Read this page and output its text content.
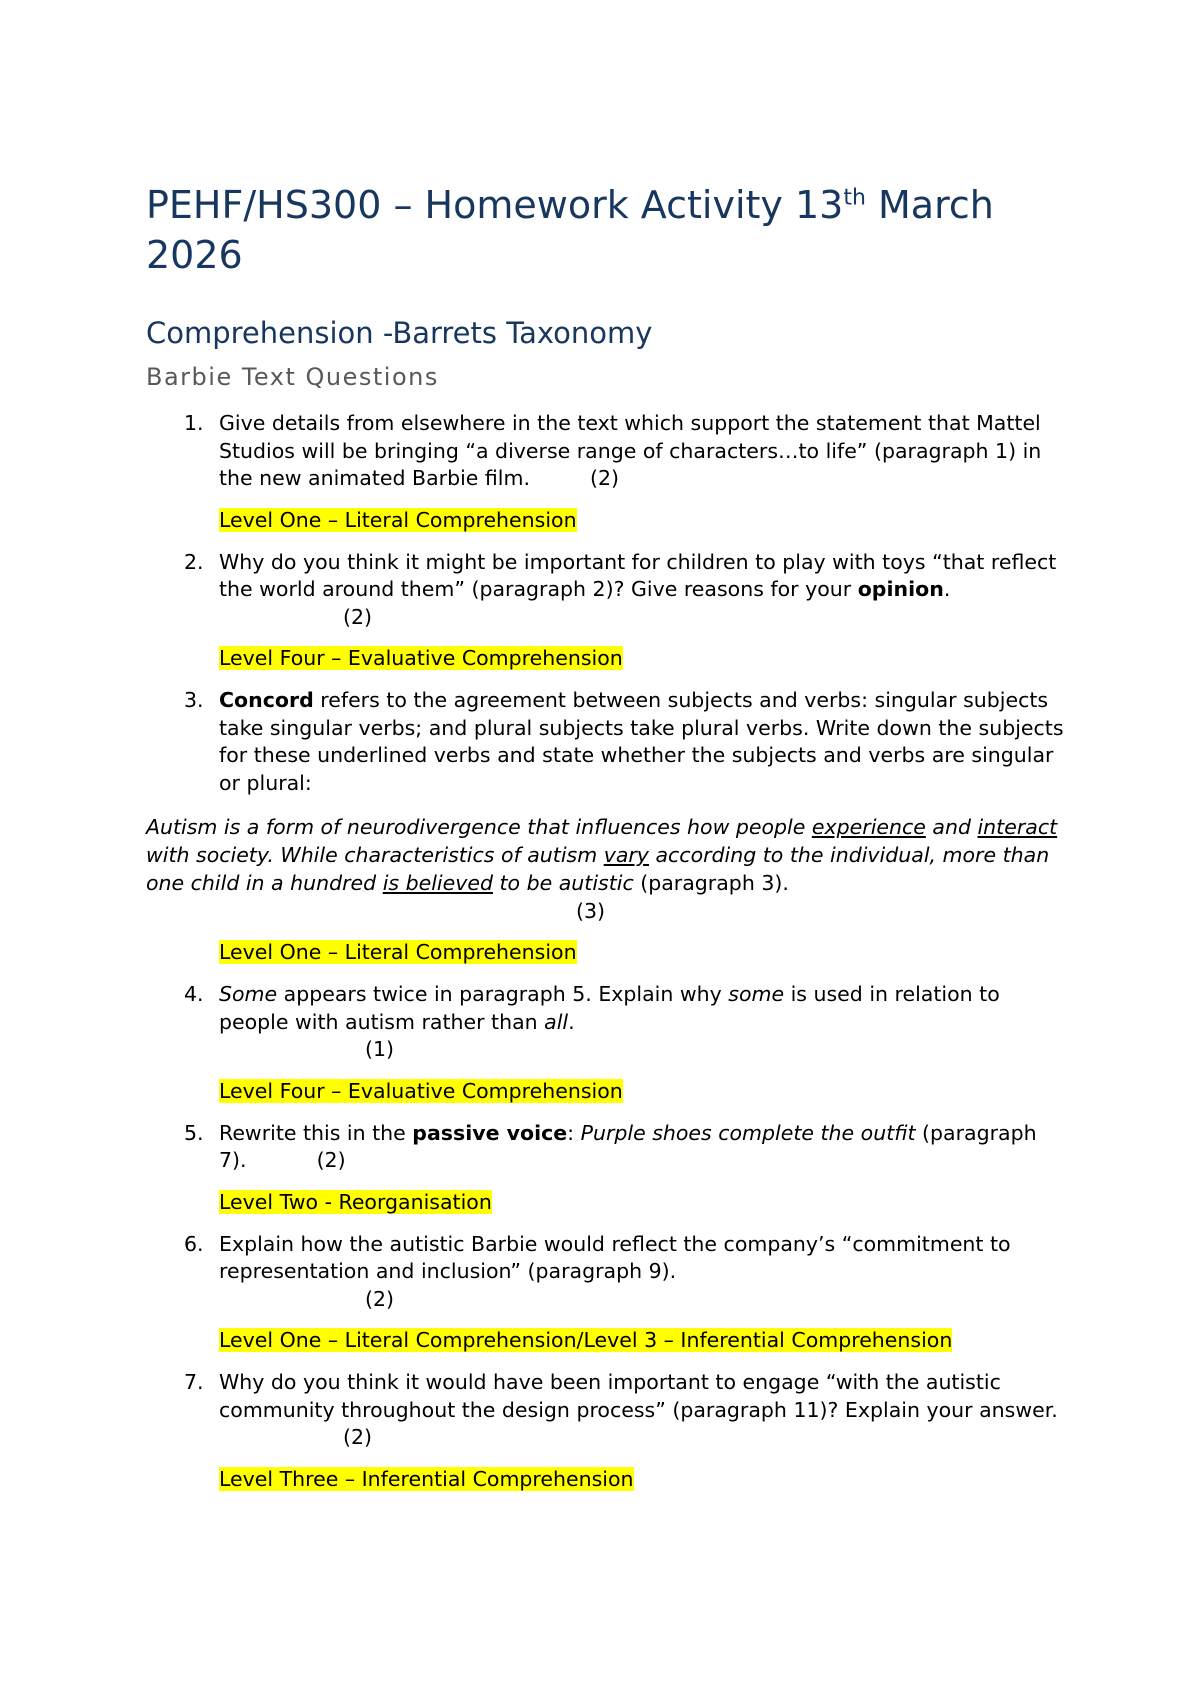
PEHF/HS300 – Homework Activity 13th March 2026
Comprehension -Barrets Taxonomy
Barbie Text Questions
1. Give details from elsewhere in the text which support the statement that Mattel Studios will be bringing “a diverse range of characters…to life” (paragraph 1) in the new animated Barbie film.	(2)

Level One – Literal Comprehension
2. Why do you think it might be important for children to play with toys “that reflect the world around them” (paragraph 2)? Give reasons for your opinion.(2)

Level Four – Evaluative Comprehension
3. Concord refers to the agreement between subjects and verbs: singular subjects take singular verbs; and plural subjects take plural verbs. Write down the subjects for these underlined verbs and state whether the subjects and verbs are singular or plural:

Autism is a form of neurodivergence that influences how people experience and interact with society. While characteristics of autism vary according to the individual, more than one child in a hundred is believed to be autistic (paragraph 3).(3)

Level One – Literal Comprehension
4. Some appears twice in paragraph 5. Explain why some is used in relation to people with autism rather than all.
(1)

Level Four – Evaluative Comprehension
5. Rewrite this in the passive voice: Purple shoes complete the outfit (paragraph 7).	(2)

Level Two - Reorganisation
6. Explain how the autistic Barbie would reflect the company’s “commitment to representation and inclusion” (paragraph 9).
(2)

Level One – Literal Comprehension/Level 3 – Inferential Comprehension
7. Why do you think it would have been important to engage “with the autistic community throughout the design process” (paragraph 11)? Explain your answer.(2)

Level Three – Inferential Comprehension
